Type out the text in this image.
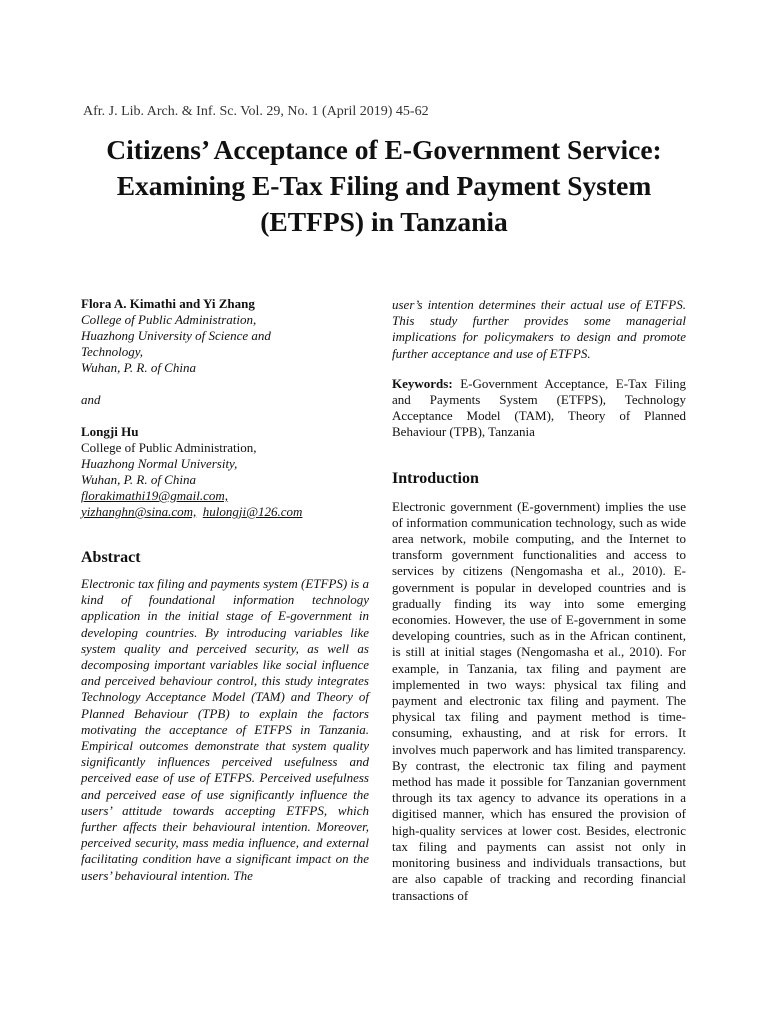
Afr. J. Lib. Arch. & Inf. Sc. Vol. 29, No. 1 (April 2019) 45-62
Citizens’ Acceptance of E-Government Service:
Examining E-Tax Filing and Payment System
(ETFPS) in Tanzania
Flora A. Kimathi and Yi Zhang
College of Public Administration,
Huazhong University of Science and
Technology,
Wuhan, P. R. of China
and
Longji Hu
College of Public Administration,
Huazhong Normal University,
Wuhan, P. R. of China
florakimathi19@gmail.com,
yizhanghn@sina.com, hulongji@126.com
Abstract
Electronic tax filing and payments system (ETFPS) is a kind of foundational information technology application in the initial stage of E-government in developing countries. By introducing variables like system quality and perceived security, as well as decomposing important variables like social influence and perceived behaviour control, this study integrates Technology Acceptance Model (TAM) and Theory of Planned Behaviour (TPB) to explain the factors motivating the acceptance of ETFPS in Tanzania. Empirical outcomes demonstrate that system quality significantly influences perceived usefulness and perceived ease of use of ETFPS. Perceived usefulness and perceived ease of use significantly influence the users’ attitude towards accepting ETFPS, which further affects their behavioural intention. Moreover, perceived security, mass media influence, and external facilitating condition have a significant impact on the users’ behavioural intention. The
user’s intention determines their actual use of ETFPS. This study further provides some managerial implications for policymakers to design and promote further acceptance and use of ETFPS.
Keywords: E-Government Acceptance, E-Tax Filing and Payments System (ETFPS), Technology Acceptance Model (TAM), Theory of Planned Behaviour (TPB), Tanzania
Introduction
Electronic government (E-government) implies the use of information communication technology, such as wide area network, mobile computing, and the Internet to transform government functionalities and access to services by citizens (Nengomasha et al., 2010). E-government is popular in developed countries and is gradually finding its way into some emerging economies. However, the use of E-government in some developing countries, such as in the African continent, is still at initial stages (Nengomasha et al., 2010). For example, in Tanzania, tax filing and payment are implemented in two ways: physical tax filing and payment and electronic tax filing and payment. The physical tax filing and payment method is time-consuming, exhausting, and at risk for errors. It involves much paperwork and has limited transparency. By contrast, the electronic tax filing and payment method has made it possible for Tanzanian government through its tax agency to advance its operations in a digitised manner, which has ensured the provision of high-quality services at lower cost. Besides, electronic tax filing and payments can assist not only in monitoring business and individuals transactions, but are also capable of tracking and recording financial transactions of
